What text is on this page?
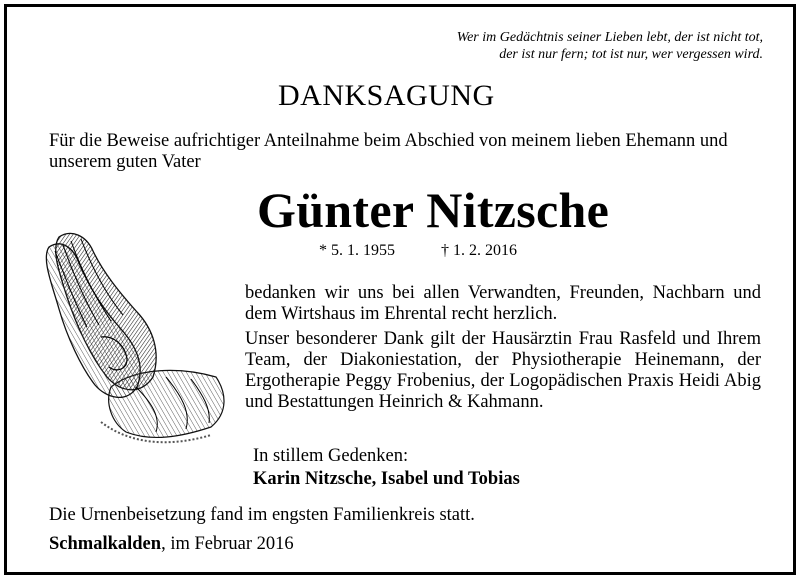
Wer im Gedächtnis seiner Lieben lebt, der ist nicht tot,
der ist nur fern; tot ist nur, wer vergessen wird.
DANKSAGUNG
Für die Beweise aufrichtiger Anteilnahme beim Abschied von meinem lieben Ehemann und unserem guten Vater
Günter Nitzsche
* 5. 1. 1955	† 1. 2. 2016

bedanken wir uns bei allen Verwandten, Freunden, Nachbarn und dem Wirtshaus im Ehrental recht herzlich.

Unser besonderer Dank gilt der Hausärztin Frau Rasfeld und Ihrem Team, der Diakoniestation, der Physiotherapie Heinemann, der Ergotherapie Peggy Frobenius, der Logopädischen Praxis Heidi Abig und Bestattungen Heinrich & Kahmann.

In stillem Gedenken:
Karin Nitzsche, Isabel und Tobias
Die Urnenbeisetzung fand im engsten Familienkreis statt.
Schmalkalden, im Februar 2016
